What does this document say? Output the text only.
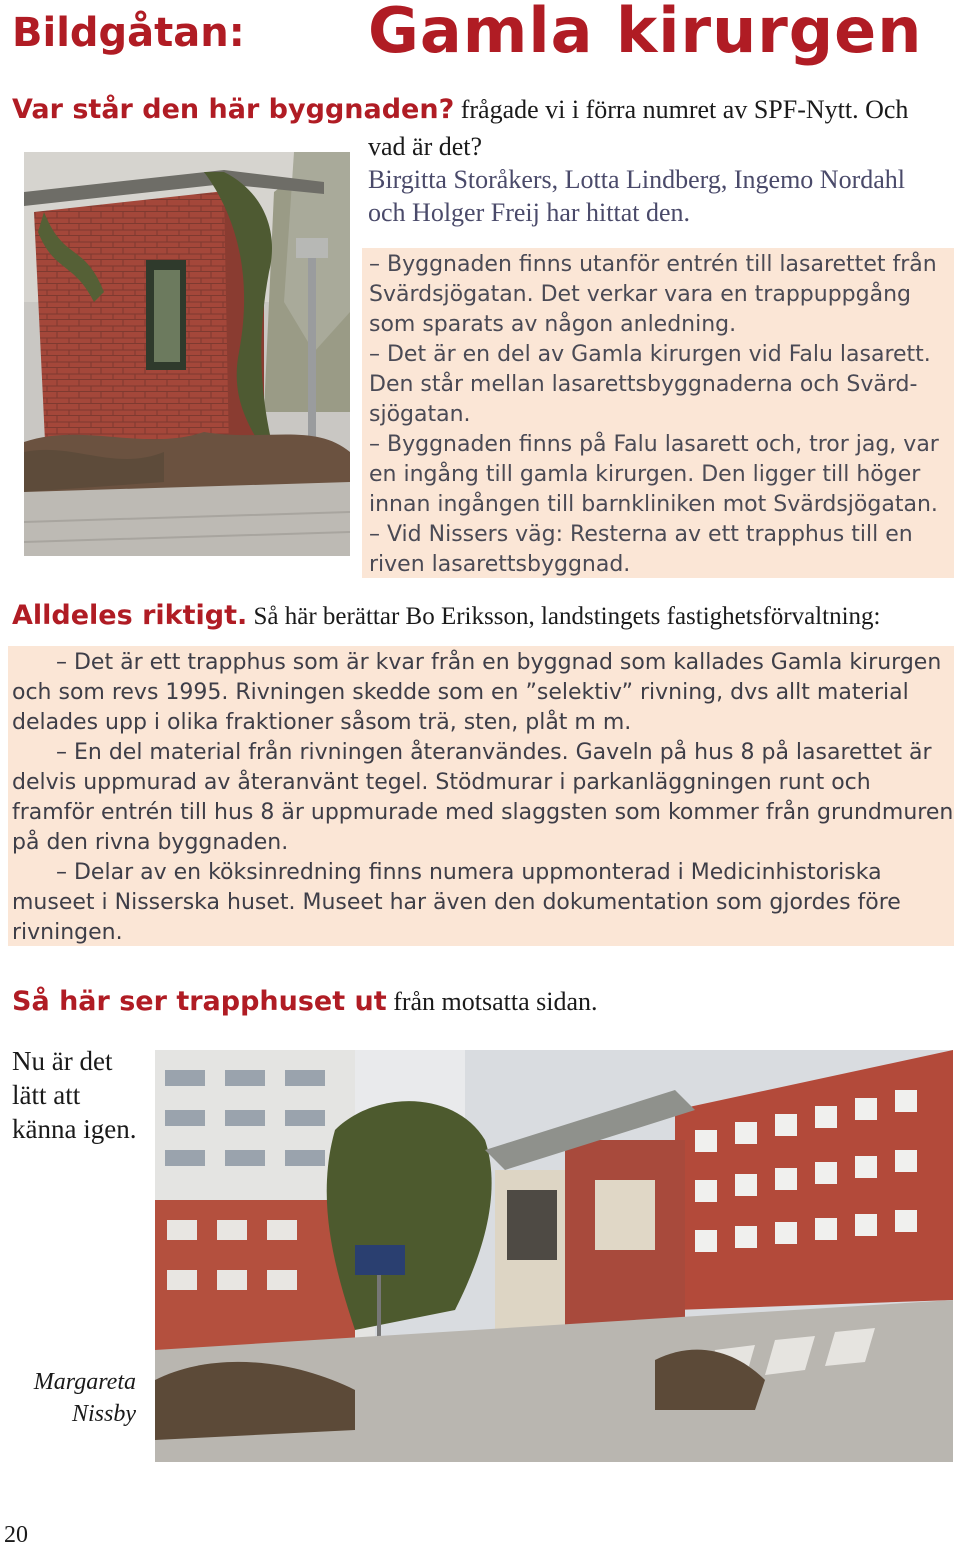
Bildgåtan: Gamla kirurgen
Var står den här byggnaden? frågade vi i förra numret av SPF-Nytt. Och
vad är det?
Birgitta Storåkers, Lotta Lindberg, Ingemo Nordahl och Holger Freij har hittat den.

– Byggnaden finns utanför entrén till lasarettet från Svärdsjögatan. Det verkar vara en trappuppgång som sparats av någon anledning.

– Det är en del av Gamla kirurgen vid Falu lasarett. Den står mellan lasarettsbyggnaderna och Svärd-sjögatan.

– Byggnaden finns på Falu lasarett och, tror jag, var en ingång till gamla kirurgen. Den ligger till höger innan ingången till barnkliniken mot Svärdsjögatan.

– Vid Nissers väg: Resterna av ett trapphus till en riven lasarettsbyggnad.

Alldeles riktigt. Så här berättar Bo Eriksson, landstingets fastighetsförvaltning:

– Det är ett trapphus som är kvar från en byggnad som kallades Gamla kirurgen och som revs 1995. Rivningen skedde som en ”selektiv” rivning, dvs allt material delades upp i olika fraktioner såsom trä, sten, plåt m m.

– En del material från rivningen återanvändes. Gaveln på hus 8 på lasarettet är delvis uppmurad av återanvänt tegel. Stödmurar i parkanläggningen runt och framför entrén till hus 8 är uppmurade med slaggsten som kommer från grundmuren på den rivna byggnaden.

– Delar av en köksinredning finns numera uppmonterad i Medicinhistoriska museet i Nisserska huset. Museet har även den dokumentation som gjordes före rivningen.

Så här ser trapphuset ut från motsatta sidan.
Nu är det lätt att känna igen.
Margareta Nissby
20
